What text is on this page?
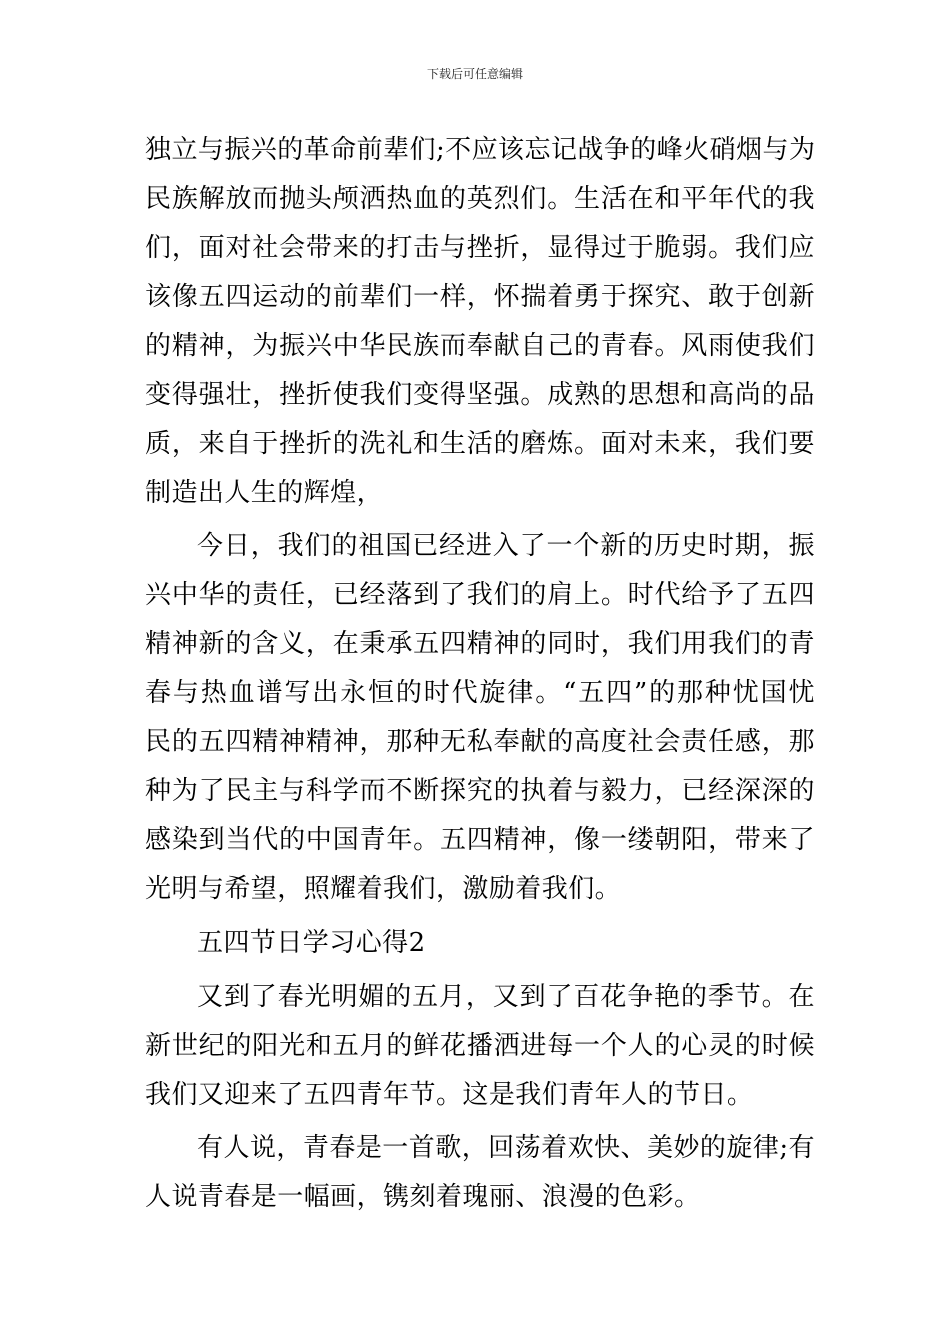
下载后可任意编辑
独立与振兴的革命前辈们;不应该忘记战争的峰火硝烟与为
民族解放而抛头颅洒热血的英烈们。生活在和平年代的我
们，面对社会带来的打击与挫折，显得过于脆弱。我们应
该像五四运动的前辈们一样，怀揣着勇于探究、敢于创新
的精神，为振兴中华民族而奉献自己的青春。风雨使我们
变得强壮，挫折使我们变得坚强。成熟的思想和高尚的品
质，来自于挫折的洗礼和生活的磨炼。面对未来，我们要
制造出人生的辉煌，
今日，我们的祖国已经进入了一个新的历史时期，振
兴中华的责任，已经落到了我们的肩上。时代给予了五四
精神新的含义，在秉承五四精神的同时，我们用我们的青
春与热血谱写出永恒的时代旋律。“五四”的那种忧国忧
民的五四精神精神，那种无私奉献的高度社会责任感，那
种为了民主与科学而不断探究的执着与毅力，已经深深的
感染到当代的中国青年。五四精神，像一缕朝阳，带来了
光明与希望，照耀着我们，激励着我们。
五四节日学习心得2
又到了春光明媚的五月，又到了百花争艳的季节。在
新世纪的阳光和五月的鲜花播洒进每一个人的心灵的时候
我们又迎来了五四青年节。这是我们青年人的节日。
有人说，青春是一首歌，回荡着欢快、美妙的旋律;有
人说青春是一幅画，镌刻着瑰丽、浪漫的色彩。
